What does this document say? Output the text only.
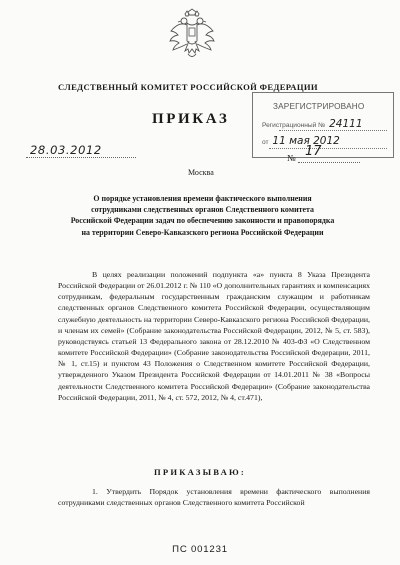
СЛЕДСТВЕННЫЙ КОМИТЕТ РОССИЙСКОЙ ФЕДЕРАЦИИ
ЗАРЕГИСТРИРОВАНО
Регистрационный № 24111
от 11 мая 2012
ПРИКАЗ
28.03.2012
Москва
№ 17
О порядке установления времени фактического выполнения сотрудниками следственных органов Следственного комитета Российской Федерации задач по обеспечению законности и правопорядка на территории Северо-Кавказского региона Российской Федерации
В целях реализации положений подпункта «а» пункта 8 Указа Президента Российской Федерации от 26.01.2012 г. № 110 «О дополнительных гарантиях и компенсациях сотрудникам, федеральным государственным гражданским служащим и работникам следственных органов Следственного комитета Российской Федерации, осуществляющим служебную деятельность на территории Северо-Кавказского региона Российской Федерации, и членам их семей» (Собрание законодательства Российской Федерации, 2012, № 5, ст. 583), руководствуясь статьей 13 Федерального закона от 28.12.2010 № 403-ФЗ «О Следственном комитете Российской Федерации» (Собрание законодательства Российской Федерации, 2011, № 1, ст.15) и пунктом 43 Положения о Следственном комитете Российской Федерации, утвержденного Указом Президента Российской Федерации от 14.01.2011 № 38 «Вопросы деятельности Следственного комитета Российской Федерации» (Собрание законодательства Российской Федерации, 2011, № 4, ст. 572, 2012, № 4, ст.471),
ПРИКАЗЫВАЮ:
1. Утвердить Порядок установления времени фактического выполнения сотрудниками следственных органов Следственного комитета Российской
ПС 001231
